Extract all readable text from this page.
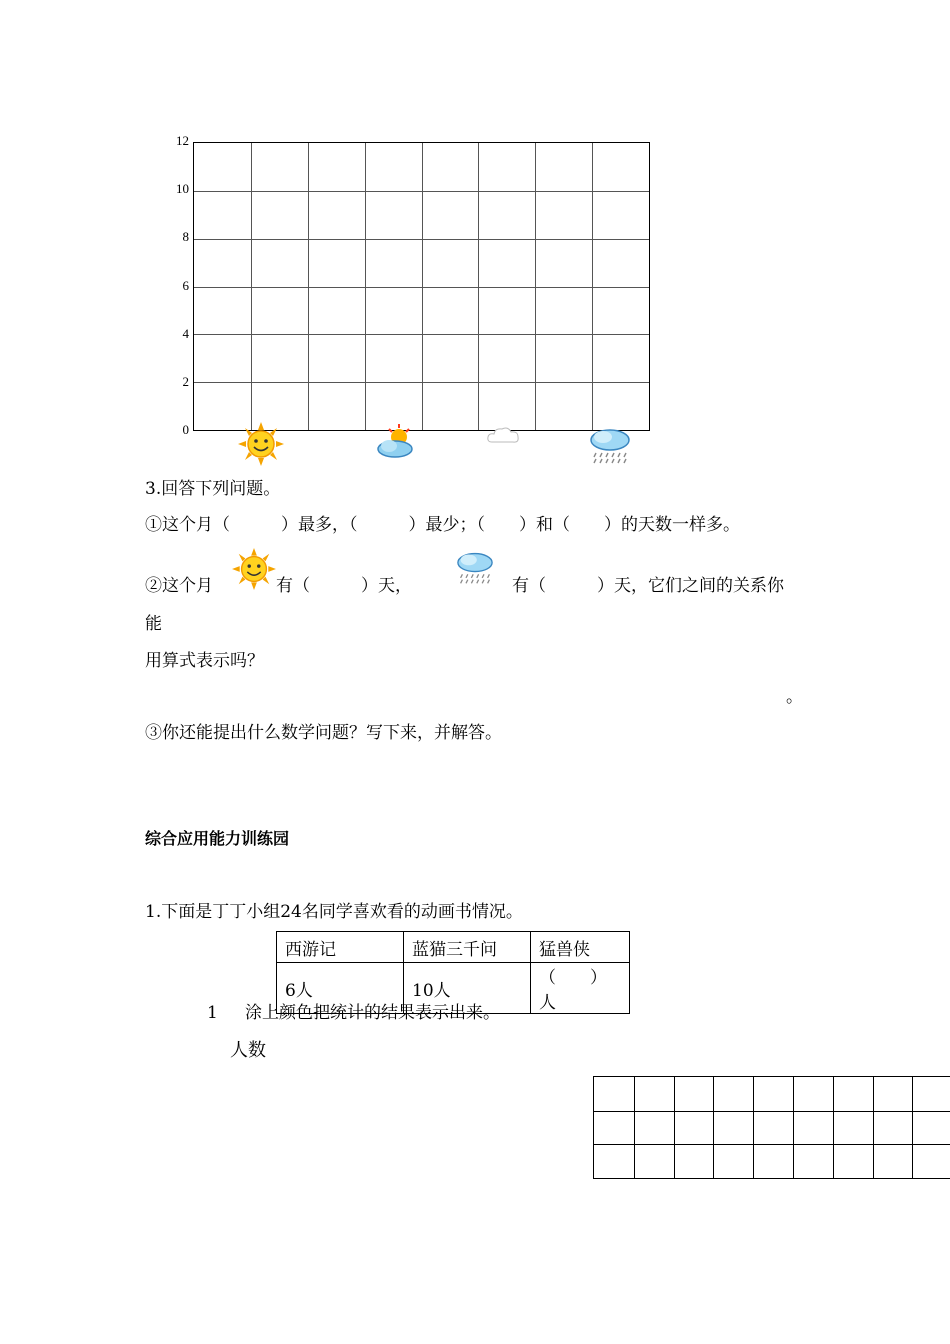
0
2
4
6
8
10
12
3.回答下列问题。
①这个月（　　　）最多，（　　　）最少；（　　）和（　　）的天数一样多。
②这个月	有（　　　）天，	有（　　　）天，它们之间的关系你
能
用算式表示吗？
。
③你还能提出什么数学问题？写下来，并解答。
综合应用能力训练园
1.下面是丁丁小组24名同学喜欢看的动画书情况。
西游记	蓝猫三千问	猛兽侠
6人	10人	（　　）人
1 涂上颜色把统计的结果表示出来。
人数
